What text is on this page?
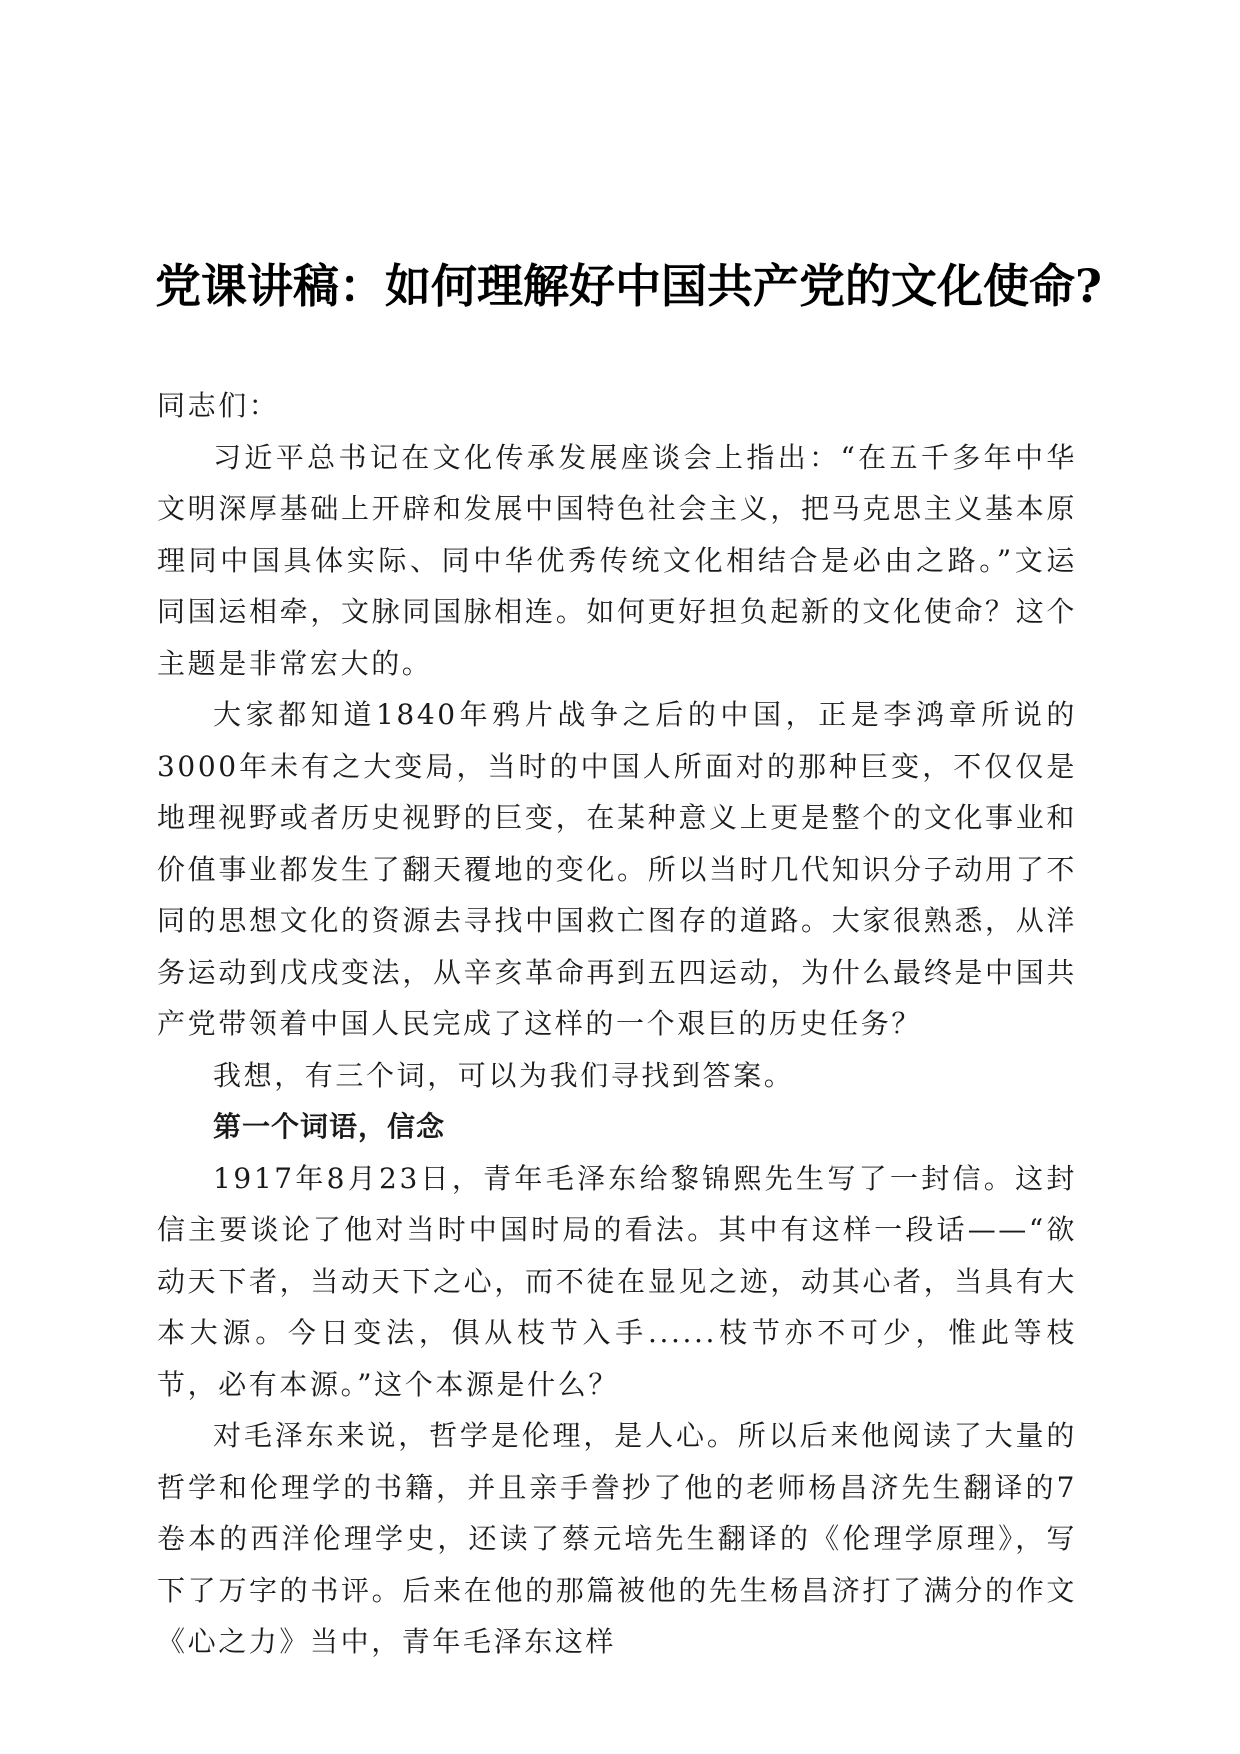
党课讲稿：如何理解好中国共产党的文化使命?

同志们：

习近平总书记在文化传承发展座谈会上指出：“在五千多年中华文明深厚基础上开辟和发展中国特色社会主义，把马克思主义基本原理同中国具体实际、同中华优秀传统文化相结合是必由之路。”文运同国运相牵，文脉同国脉相连。如何更好担负起新的文化使命？这个主题是非常宏大的。

大家都知道1840年鸦片战争之后的中国，正是李鸿章所说的3000年未有之大变局，当时的中国人所面对的那种巨变，不仅仅是地理视野或者历史视野的巨变，在某种意义上更是整个的文化事业和价值事业都发生了翻天覆地的变化。所以当时几代知识分子动用了不同的思想文化的资源去寻找中国救亡图存的道路。大家很熟悉，从洋务运动到戊戌变法，从辛亥革命再到五四运动，为什么最终是中国共产党带领着中国人民完成了这样的一个艰巨的历史任务？

我想，有三个词，可以为我们寻找到答案。

第一个词语，信念

1917年8月23日，青年毛泽东给黎锦熙先生写了一封信。这封信主要谈论了他对当时中国时局的看法。其中有这样一段话——“欲动天下者，当动天下之心，而不徒在显见之迹，动其心者，当具有大本大源。今日变法，俱从枝节入手......枝节亦不可少，惟此等枝节，必有本源。”这个本源是什么？

对毛泽东来说，哲学是伦理，是人心。所以后来他阅读了大量的哲学和伦理学的书籍，并且亲手誊抄了他的老师杨昌济先生翻译的7卷本的西洋伦理学史，还读了蔡元培先生翻译的《伦理学原理》，写下了万字的书评。后来在他的那篇被他的先生杨昌济打了满分的作文《心之力》当中，青年毛泽东这样
